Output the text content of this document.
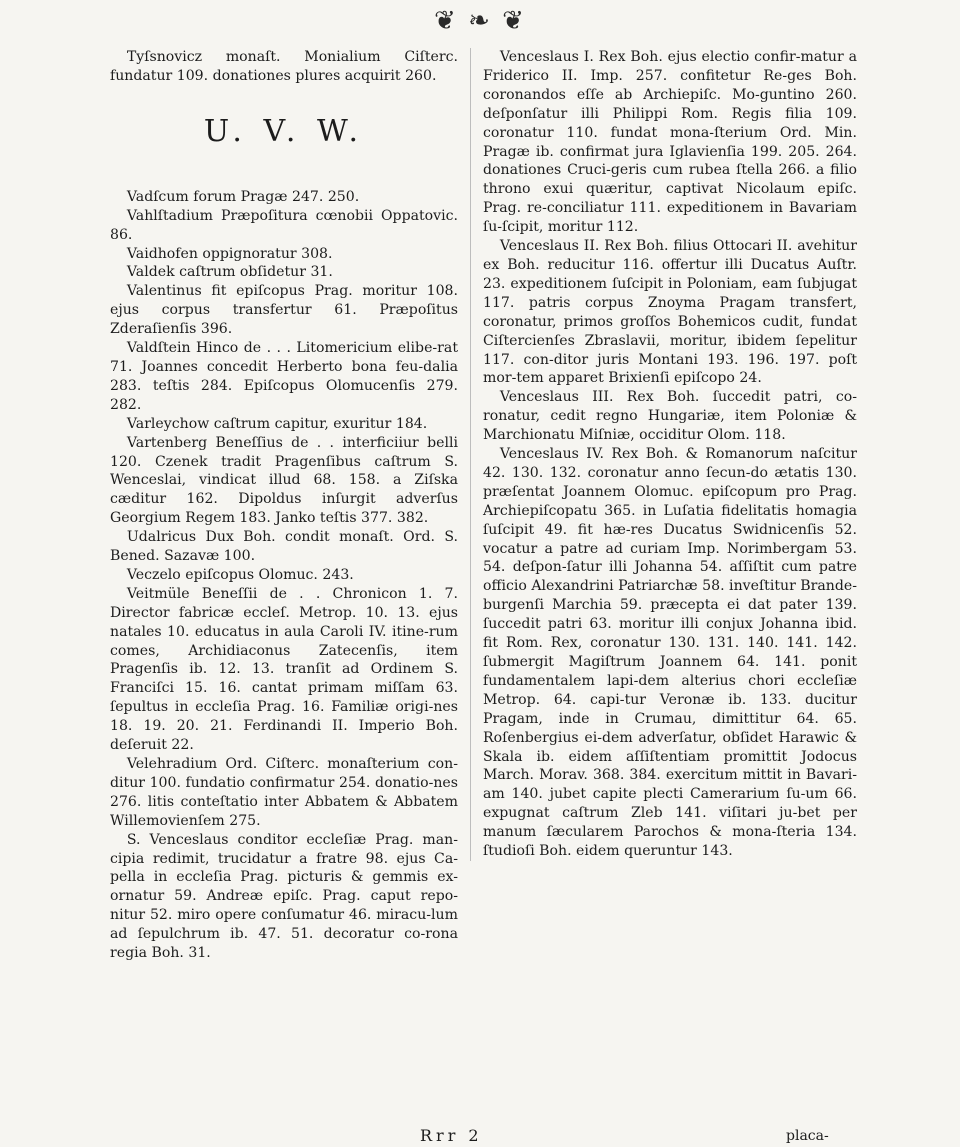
❦ ❧ ❦

Tyſsnovicz monaſt. Monialium Ciſterc. fundatur 109. donationes plures acquirit 260.

U. V. W.

Vadſcum forum Pragæ 247. 250.

Vahlſtadium Præpoſitura cœnobii Oppatovic. 86.

Vaidhofen oppignoratur 308.

Valdek caſtrum obſidetur 31.

Valentinus fit epiſcopus Prag. moritur 108. ejus corpus transfertur 61. Præpoſitus Zderaſienſis 396.

Valdſtein Hinco de . . . Litomericium elibe-rat 71. Joannes concedit Herberto bona feu-dalia 283. teſtis 284. Epiſcopus Olomucenſis 279. 282.

Varleychow caſtrum capitur, exuritur 184.

Vartenberg Beneſſius de . . interficiiur belli 120. Czenek tradit Pragenſibus caſtrum S. Wenceslai, vindicat illud 68. 158. a Ziſska cæditur 162. Dipoldus inſurgit adverſus Georgium Regem 183. Janko teſtis 377. 382.

Udalricus Dux Boh. condit monaſt. Ord. S. Bened. Sazavæ 100.

Veczelo epiſcopus Olomuc. 243.

Veitmüle Beneſſii de . . Chronicon 1. 7. Director fabricæ eccleſ. Metrop. 10. 13. ejus natales 10. educatus in aula Caroli IV. itine-rum comes, Archidiaconus Zatecenſis, item Pragenſis ib. 12. 13. tranſit ad Ordinem S. Franciſci 15. 16. cantat primam miſſam 63. ſepultus in eccleſia Prag. 16. Familiæ origi-nes 18. 19. 20. 21. Ferdinandi II. Imperio Boh. deſeruit 22.

Velehradium Ord. Ciſterc. monaſterium con-ditur 100. fundatio confirmatur 254. donatio-nes 276. litis conteſtatio inter Abbatem & Abbatem Willemovienſem 275.

S. Venceslaus conditor eccleſiæ Prag. man-cipia redimit, trucidatur a fratre 98. ejus Ca-pella in eccleſia Prag. picturis & gemmis ex-ornatur 59. Andreæ epiſc. Prag. caput repo-nitur 52. miro opere conſumatur 46. miracu-lum ad ſepulchrum ib. 47. 51. decoratur co-rona regia Boh. 31.

Venceslaus I. Rex Boh. ejus electio confir-matur a Friderico II. Imp. 257. confitetur Re-ges Boh. coronandos eſſe ab Archiepiſc. Mo-guntino 260. deſponſatur illi Philippi Rom. Regis filia 109. coronatur 110. fundat mona-ſterium Ord. Min. Pragæ ib. confirmat jura Iglavienſia 199. 205. 264. donationes Cruci-geris cum rubea ſtella 266. a filio throno exui quæritur, captivat Nicolaum epiſc. Prag. re-conciliatur 111. expeditionem in Bavariam ſu-ſcipit, moritur 112.

Venceslaus II. Rex Boh. filius Ottocari II. avehitur ex Boh. reducitur 116. offertur illi Ducatus Auſtr. 23. expeditionem ſuſcipit in Poloniam, eam ſubjugat 117. patris corpus Znoyma Pragam transfert, coronatur, primos groſſos Bohemicos cudit, fundat Ciſtercienſes Zbraslavii, moritur, ibidem ſepelitur 117. con-ditor juris Montani 193. 196. 197. poſt mor-tem apparet Brixienſi epiſcopo 24.

Venceslaus III. Rex Boh. ſuccedit patri, co-ronatur, cedit regno Hungariæ, item Poloniæ & Marchionatu Miſniæ, occiditur Olom. 118.

Venceslaus IV. Rex Boh. & Romanorum naſcitur 42. 130. 132. coronatur anno ſecun-do ætatis 130. præſentat Joannem Olomuc. epiſcopum pro Prag. Archiepiſcopatu 365. in Luſatia fidelitatis homagia ſuſcipit 49. fit hæ-res Ducatus Swidnicenſis 52. vocatur a patre ad curiam Imp. Norimbergam 53. 54. deſpon-ſatur illi Johanna 54. aſſiſtit cum patre officio Alexandrini Patriarchæ 58. inveſtitur Brande-burgenſi Marchia 59. præcepta ei dat pater 139. ſuccedit patri 63. moritur illi conjux Johanna ibid. fit Rom. Rex, coronatur 130. 131. 140. 141. 142. ſubmergit Magiſtrum Joannem 64. 141. ponit fundamentalem lapi-dem alterius chori eccleſiæ Metrop. 64. capi-tur Veronæ ib. 133. ducitur Pragam, inde in Crumau, dimittitur 64. 65. Roſenbergius ei-dem adverſatur, obſidet Harawic & Skala ib. eidem aſſiſtentiam promittit Jodocus March. Morav. 368. 384. exercitum mittit in Bavari-am 140. jubet capite plecti Camerarium ſu-um 66. expugnat caſtrum Zleb 141. viſitari ju-bet per manum ſæcularem Parochos & mona-ſteria 134. ſtudioſi Boh. eidem queruntur 143.

Rrr 2	placa-
